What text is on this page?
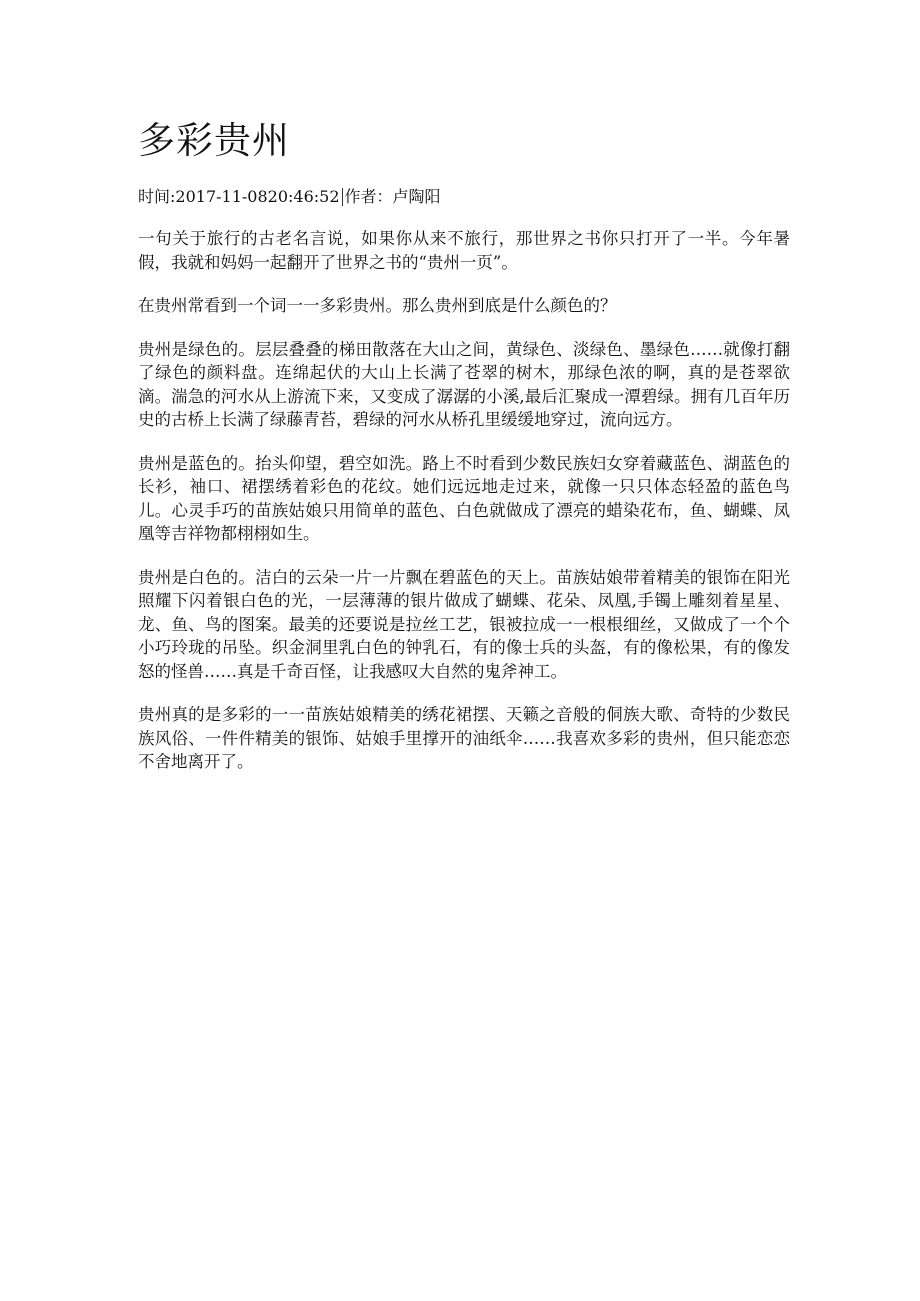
多彩贵州
时间: 2017-11-0820:46:52 作者： 卢陶阳

一句关于旅行的古老名言说，如果你从来不旅行，那世界之书你只打开了一半。今年暑假，我就和妈妈一起翻开了世界之书的“贵州一页”。

在贵州常看到一个词一一多彩贵州。那么贵州到底是什么颜色的？

贵州是绿色的。层层叠叠的梯田散落在大山之间，黄绿色、淡绿色、墨绿色……就像打翻了绿色的颜料盘。连绵起伏的大山上长满了苍翠的树木，那绿色浓的啊，真的是苍翠欲滴。湍急的河水从上游流下来，又变成了潺潺的小溪,最后汇聚成一潭碧绿。拥有几百年历史的古桥上长满了绿藤青苔，碧绿的河水从桥孔里缓缓地穿过，流向远方。

贵州是蓝色的。抬头仰望，碧空如洗。路上不时看到少数民族妇女穿着藏蓝色、湖蓝色的长衫，袖口、裙摆绣着彩色的花纹。她们远远地走过来，就像一只只体态轻盈的蓝色鸟儿。心灵手巧的苗族姑娘只用简单的蓝色、白色就做成了漂亮的蜡染花布，鱼、蝴蝶、凤凰等吉祥物都栩栩如生。

贵州是白色的。洁白的云朵一片一片飘在碧蓝色的天上。苗族姑娘带着精美的银饰在阳光照耀下闪着银白色的光，一层薄薄的银片做成了蝴蝶、花朵、凤凰,手镯上雕刻着星星、龙、鱼、鸟的图案。最美的还要说是拉丝工艺，银被拉成一一根根细丝，又做成了一个个小巧玲珑的吊坠。织金洞里乳白色的钟乳石，有的像士兵的头盔，有的像松果，有的像发怒的怪兽……真是千奇百怪，让我感叹大自然的鬼斧神工。

贵州真的是多彩的一一苗族姑娘精美的绣花裙摆、天籁之音般的侗族大歌、奇特的少数民族风俗、一件件精美的银饰、姑娘手里撑开的油纸伞……我喜欢多彩的贵州，但只能恋恋不舍地离开了。
